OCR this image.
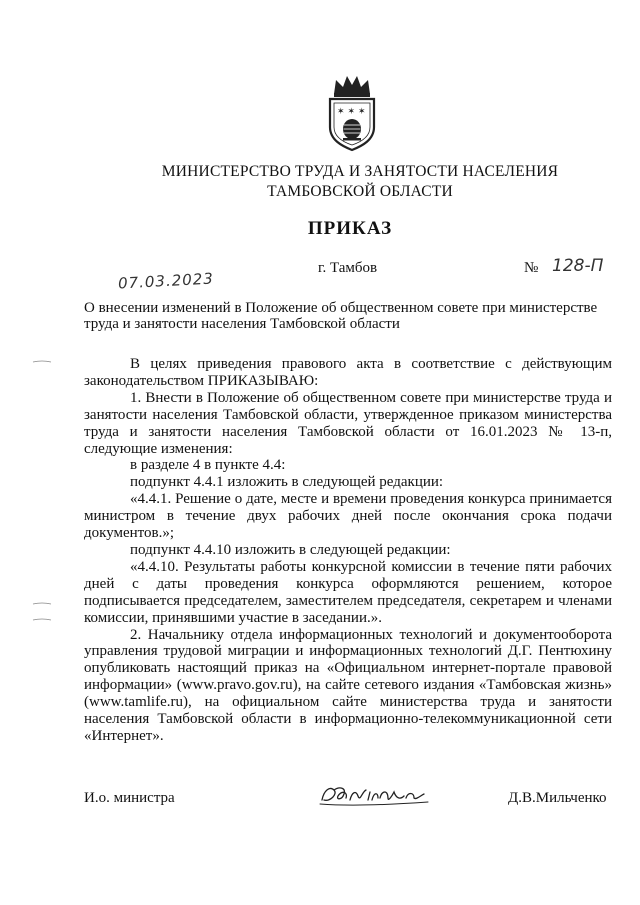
✶ ✶ ✶
МИНИСТЕРСТВО ТРУДА И ЗАНЯТОСТИ НАСЕЛЕНИЯ
ТАМБОВСКОЙ ОБЛАСТИ
ПРИКАЗ
07.03.2023
г. Тамбов	№ 128-П
О внесении изменений в Положение об общественном совете при министерстве труда и занятости населения Тамбовской области

В целях приведения правового акта в соответствие с действующим законодательством ПРИКАЗЫВАЮ:

1. Внести в Положение об общественном совете при министерстве труда и занятости населения Тамбовской области, утвержденное приказом министерства труда и занятости населения Тамбовской области от 16.01.2023 № 13-п, следующие изменения:

в разделе 4 в пункте 4.4:

подпункт 4.4.1 изложить в следующей редакции:

«4.4.1. Решение о дате, месте и времени проведения конкурса принимается министром в течение двух рабочих дней после окончания срока подачи документов.»;

подпункт 4.4.10 изложить в следующей редакции:

«4.4.10. Результаты работы конкурсной комиссии в течение пяти рабочих дней с даты проведения конкурса оформляются решением, которое подписывается председателем, заместителем председателя, секретарем и членами комиссии, принявшими участие в заседании.».

2. Начальнику отдела информационных технологий и документооборота управления трудовой миграции и информационных технологий Д.Г. Пентюхину опубликовать настоящий приказ на «Официальном интернет-портале правовой информации» (www.pravo.gov.ru), на сайте сетевого издания «Тамбовская жизнь» (www.tamlife.ru), на официальном сайте министерства труда и занятости населения Тамбовской области в информационно-телекоммуникационной сети «Интернет».

И.о. министра	Д.В.Мильченко
